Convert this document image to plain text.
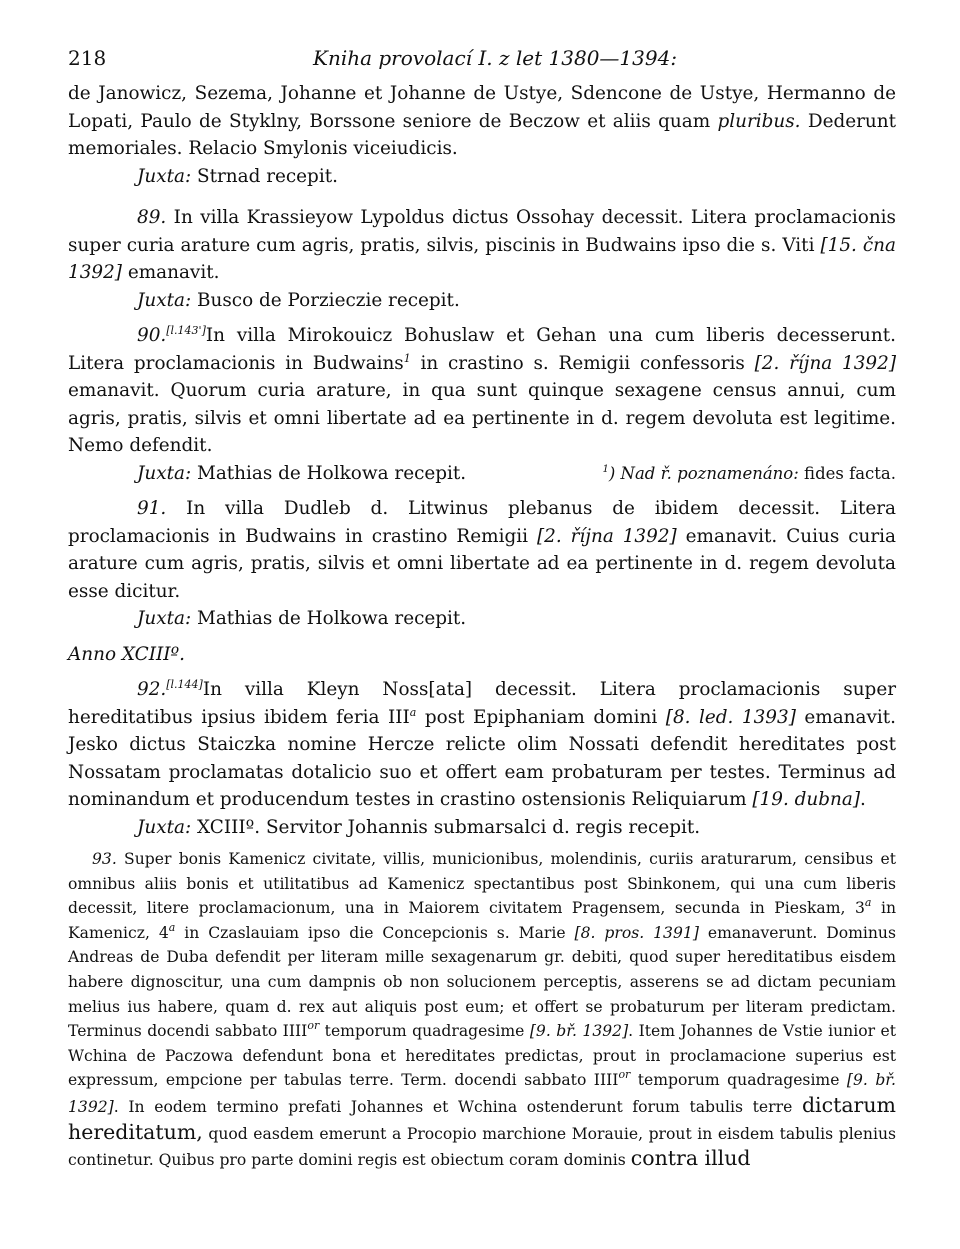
218	Kniha provolací I. z let 1380—1394:

de Janowicz, Sezema, Johanne et Johanne de Ustye, Sdencone de Ustye, Hermanno de Lopati, Paulo de Styklny, Borssone seniore de Beczow et aliis quam pluribus. Dederunt memoriales. Relacio Smylonis viceiudicis.

Juxta: Strnad recepit.

89. In villa Krassieyow Lypoldus dictus Ossohay decessit. Litera proclamacionis super curia arature cum agris, pratis, silvis, piscinis in Budwains ipso die s. Viti [15. čna 1392] emanavit.

Juxta: Busco de Porzieczie recepit.

90.[l.143']In villa Mirokouicz Bohuslaw et Gehan una cum liberis decesserunt. Litera proclamacionis in Budwains$^1$ in crastino s. Remigii confessoris [2. října 1392] emanavit. Quorum curia arature, in qua sunt quinque sexagene census annui, cum agris, pratis, silvis et omni libertate ad ea pertinente in d. regem devoluta est legitime. Nemo defendit.

Juxta: Mathias de Holkowa recepit.	$^1$) Nad ř. poznamenáno: fides facta.

91. In villa Dudleb d. Litwinus plebanus de ibidem decessit. Litera proclamacionis in Budwains in crastino Remigii [2. října 1392] emanavit. Cuius curia arature cum agris, pratis, silvis et omni libertate ad ea pertinente in d. regem devoluta esse dicitur.

Juxta: Mathias de Holkowa recepit.

Anno XCIIIº.

92.[l.144]In villa Kleyn Noss[ata] decessit. Litera proclamacionis super hereditatibus ipsius ibidem feria III$^a$ post Epiphaniam domini [8. led. 1393] emanavit. Jesko dictus Staiczka nomine Hercze relicte olim Nossati defendit hereditates post Nossatam proclamatas dotalicio suo et offert eam probaturam per testes. Terminus ad nominandum et producendum testes in crastino ostensionis Reliquiarum [19. dubna].

Juxta: XCIIIº. Servitor Johannis submarsalci d. regis recepit.

93. Super bonis Kamenicz civitate, villis, municionibus, molendinis, curiis araturarum, censibus et omnibus aliis bonis et utilitatibus ad Kamenicz spectantibus post Sbinkonem, qui una cum liberis decessit, litere proclamacionum, una in Maiorem civitatem Pragensem, secunda in Pieskam, 3$^a$ in Kamenicz, 4$^a$ in Czaslauiam ipso die Concepcionis s. Marie [8. pros. 1391] emanaverunt. Dominus Andreas de Duba defendit per literam mille sexagenarum gr. debiti, quod super hereditatibus eisdem habere dignoscitur, una cum dampnis ob non solucionem perceptis, asserens se ad dictam pecuniam melius ius habere, quam d. rex aut aliquis post eum; et offert se probaturum per literam predictam. Terminus docendi sabbato $IIII^{or}$ temporum quadragesime [9. bř. 1392]. Item Johannes de Vstie iunior et Wchina de Paczowa defendunt bona et hereditates predictas, prout in proclamacione superius est expressum, empcione per tabulas terre. Term. docendi sabbato $IIII^{or}$ temporum quadragesime [9. bř. 1392]. In eodem termino prefati Johannes et Wchina ostenderunt forum tabulis terre dictarum hereditatum, quod easdem emerunt a Procopio marchione Morauie, prout in eisdem tabulis plenius continetur. Quibus pro parte domini regis est obiectum coram dominis contra illud
